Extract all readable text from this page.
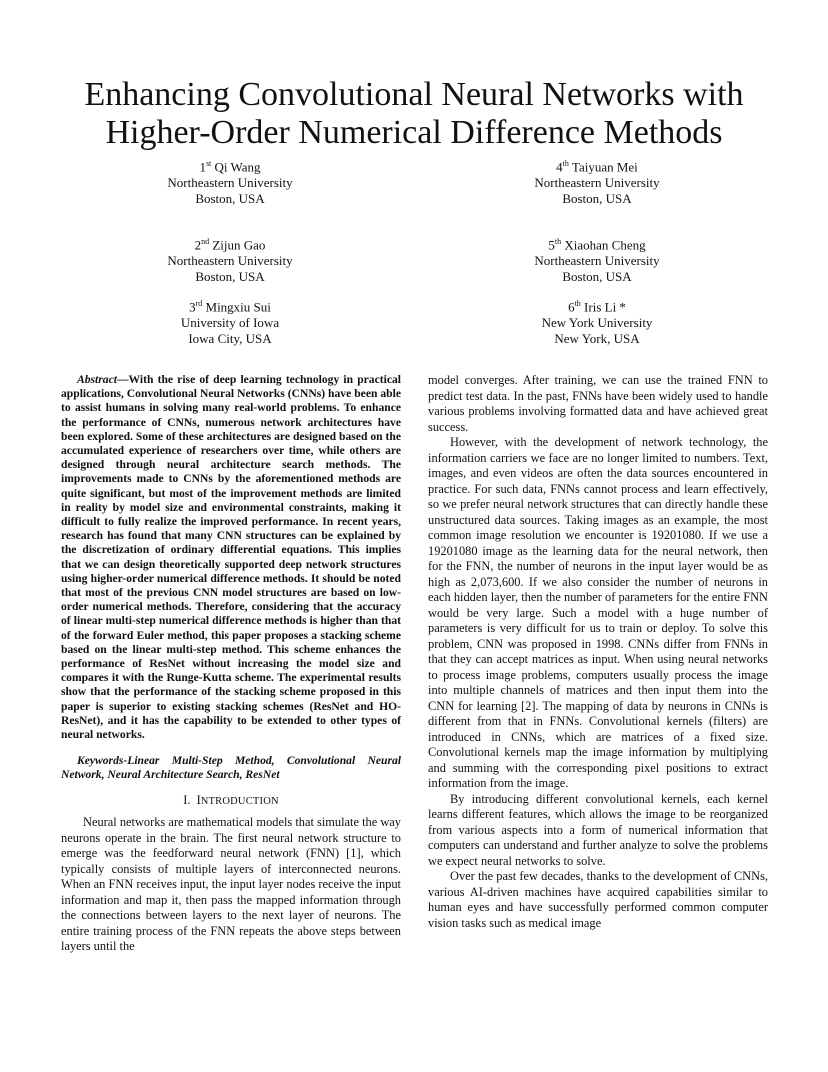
Enhancing Convolutional Neural Networks with
Higher-Order Numerical Difference Methods
1st Qi Wang
Northeastern University
Boston, USA
4th Taiyuan Mei
Northeastern University
Boston, USA
2nd Zijun Gao
Northeastern University
Boston, USA
5th Xiaohan Cheng
Northeastern University
Boston, USA
3rd Mingxiu Sui
University of Iowa
Iowa City, USA
6th Iris Li *
New York University
New York, USA

Abstract—With the rise of deep learning technology in practical applications, Convolutional Neural Networks (CNNs) have been able to assist humans in solving many real-world problems. To enhance the performance of CNNs, numerous network architectures have been explored. Some of these architectures are designed based on the accumulated experience of researchers over time, while others are designed through neural architecture search methods. The improvements made to CNNs by the aforementioned methods are quite significant, but most of the improvement methods are limited in reality by model size and environmental constraints, making it difficult to fully realize the improved performance. In recent years, research has found that many CNN structures can be explained by the discretization of ordinary differential equations. This implies that we can design theoretically supported deep network structures using higher-order numerical difference methods. It should be noted that most of the previous CNN model structures are based on low-order numerical methods. Therefore, considering that the accuracy of linear multi-step numerical difference methods is higher than that of the forward Euler method, this paper proposes a stacking scheme based on the linear multi-step method. This scheme enhances the performance of ResNet without increasing the model size and compares it with the Runge-Kutta scheme. The experimental results show that the performance of the stacking scheme proposed in this paper is superior to existing stacking schemes (ResNet and HO-ResNet), and it has the capability to be extended to other types of neural networks.

Keywords-Linear Multi-Step Method, Convolutional Neural Network, Neural Architecture Search, ResNet

I. INTRODUCTION

Neural networks are mathematical models that simulate the way neurons operate in the brain. The first neural network structure to emerge was the feedforward neural network (FNN) [1], which typically consists of multiple layers of interconnected neurons. When an FNN receives input, the input layer nodes receive the input information and map it, then pass the mapped information through the connections between layers to the next layer of neurons. The entire training process of the FNN repeats the above steps between layers until the

model converges. After training, we can use the trained FNN to predict test data. In the past, FNNs have been widely used to handle various problems involving formatted data and have achieved great success.

However, with the development of network technology, the information carriers we face are no longer limited to numbers. Text, images, and even videos are often the data sources encountered in practice. For such data, FNNs cannot process and learn effectively, so we prefer neural network structures that can directly handle these unstructured data sources. Taking images as an example, the most common image resolution we encounter is 19201080. If we use a 19201080 image as the learning data for the neural network, then for the FNN, the number of neurons in the input layer would be as high as 2,073,600. If we also consider the number of neurons in each hidden layer, then the number of parameters for the entire FNN would be very large. Such a model with a huge number of parameters is very difficult for us to train or deploy. To solve this problem, CNN was proposed in 1998. CNNs differ from FNNs in that they can accept matrices as input. When using neural networks to process image problems, computers usually process the image into multiple channels of matrices and then input them into the CNN for learning [2]. The mapping of data by neurons in CNNs is different from that in FNNs. Convolutional kernels (filters) are introduced in CNNs, which are matrices of a fixed size. Convolutional kernels map the image information by multiplying and summing with the corresponding pixel positions to extract information from the image.

By introducing different convolutional kernels, each kernel learns different features, which allows the image to be reorganized from various aspects into a form of numerical information that computers can understand and further analyze to solve the problems we expect neural networks to solve.

Over the past few decades, thanks to the development of CNNs, various AI-driven machines have acquired capabilities similar to human eyes and have successfully performed common computer vision tasks such as medical image
